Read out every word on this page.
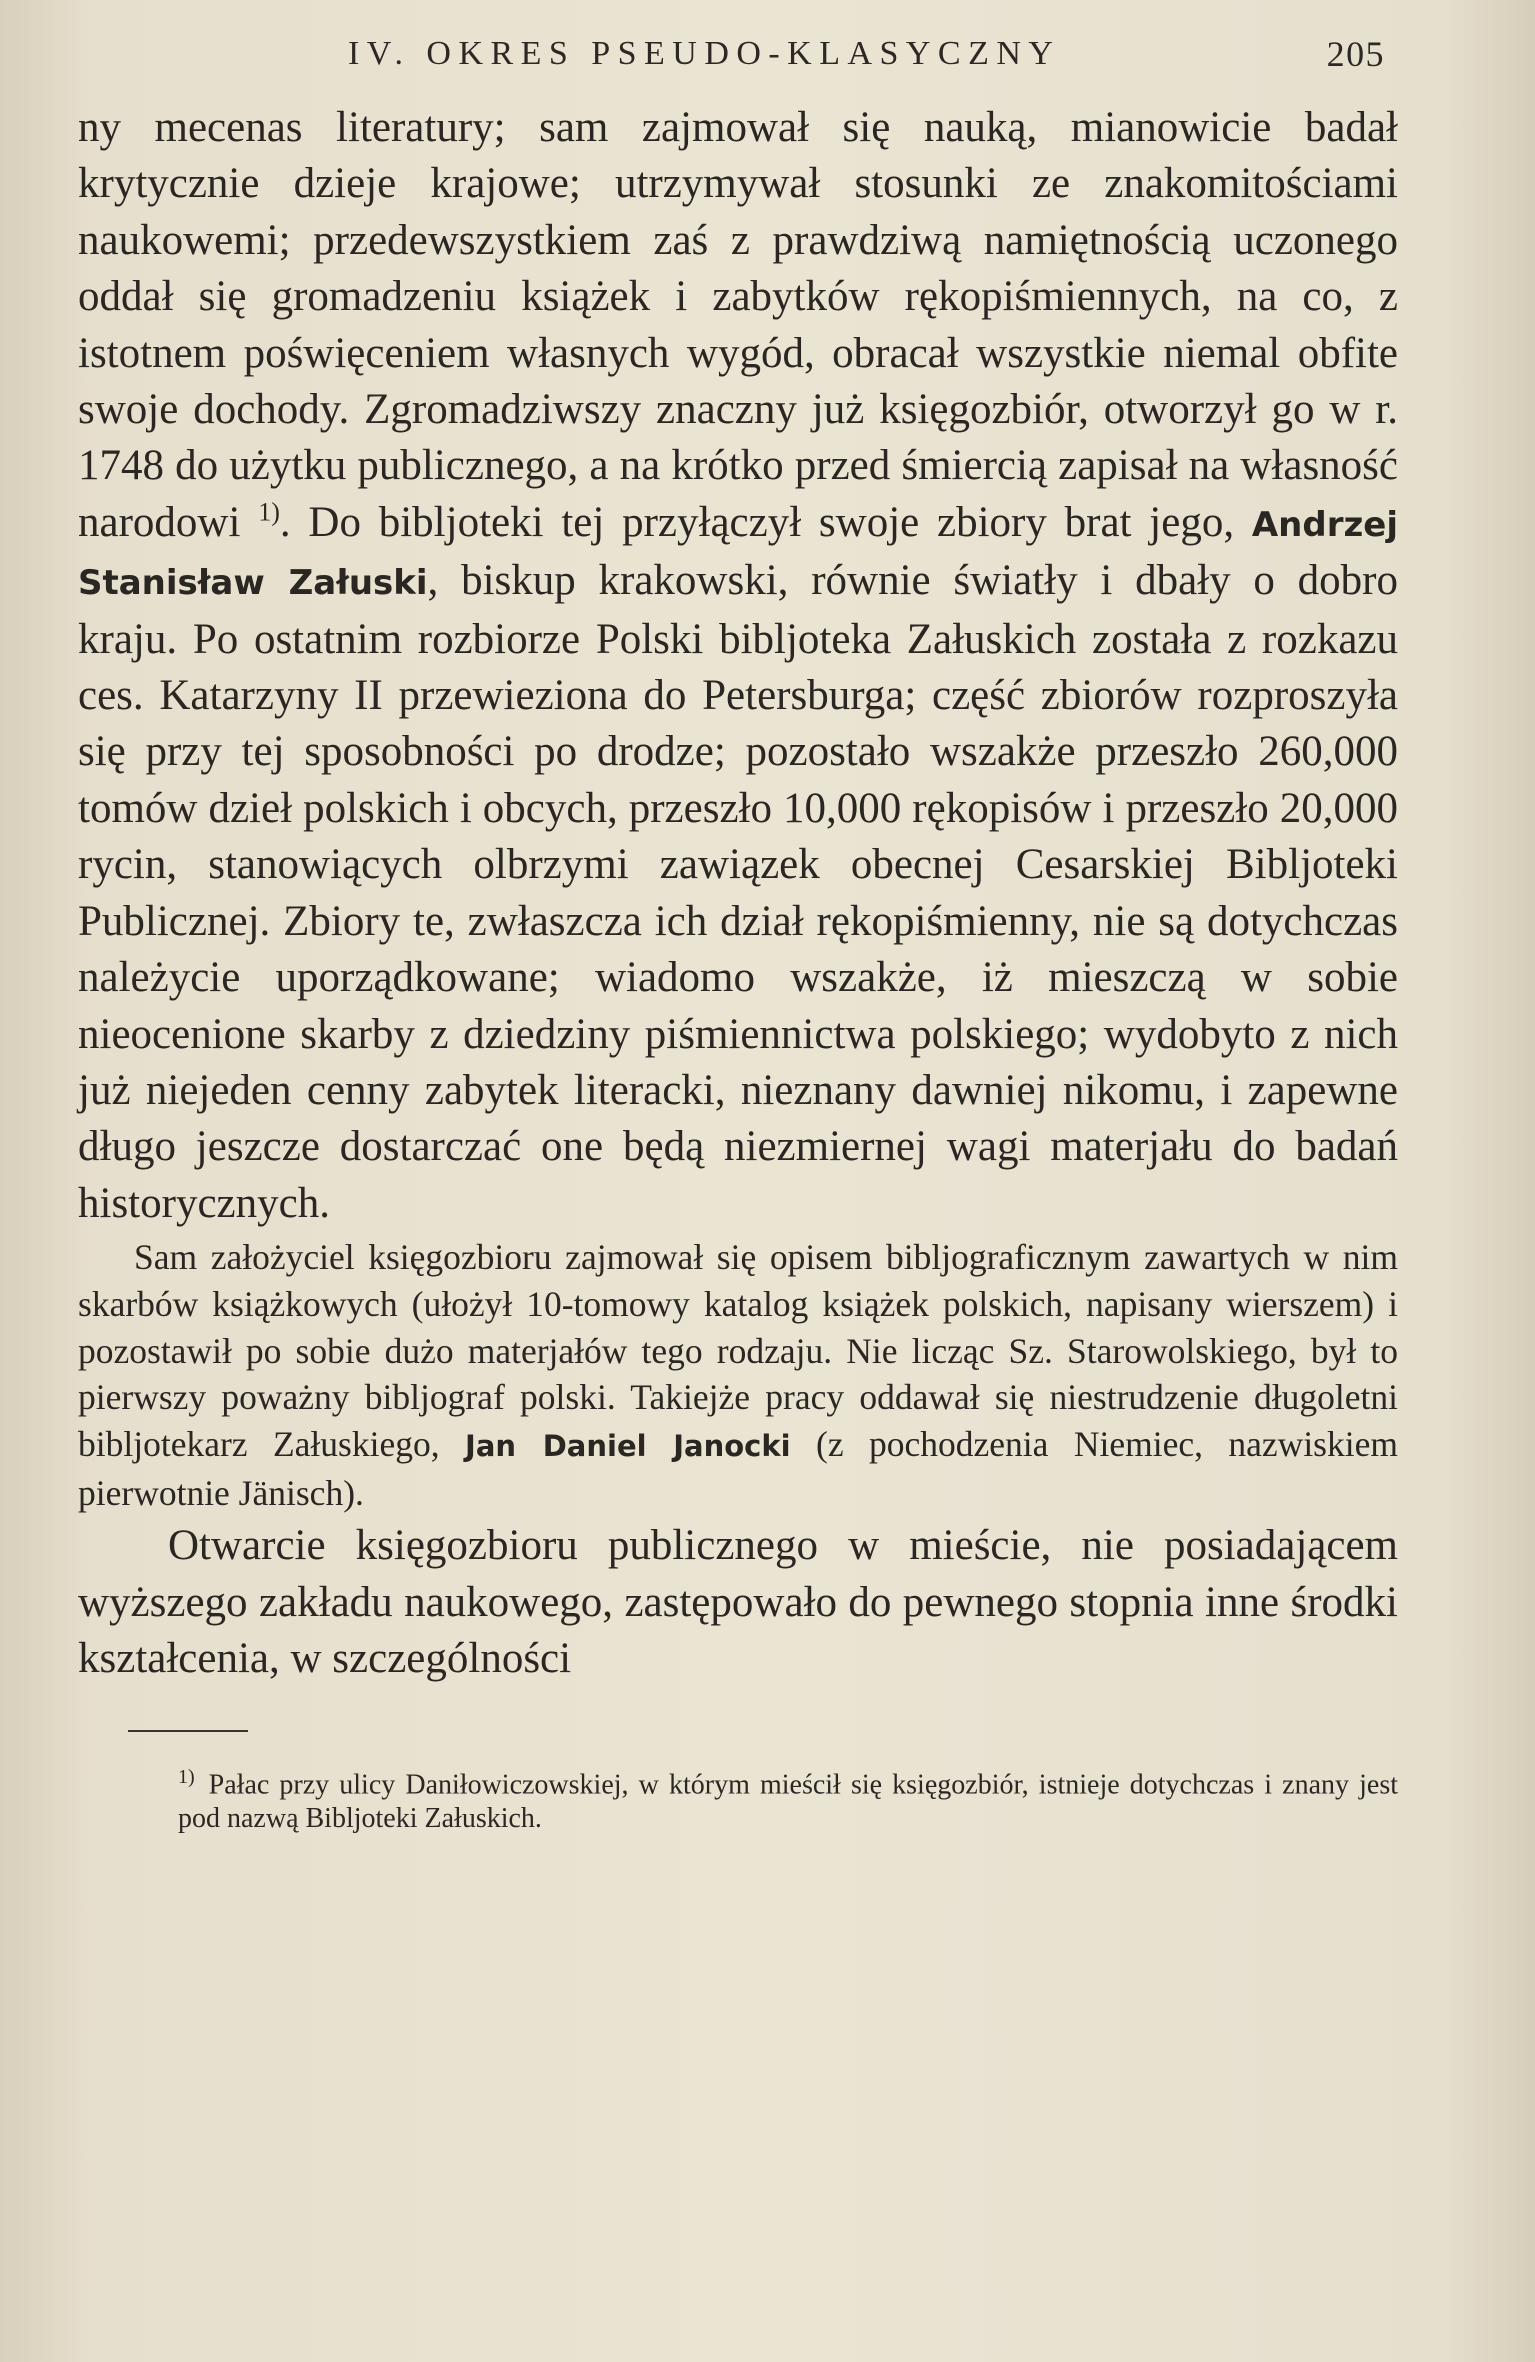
IV. OKRES PSEUDO-KLASYCZNY	205

ny mecenas literatury; sam zajmował się nauką, mianowicie badał krytycznie dzieje krajowe; utrzymywał stosunki ze znakomitościami naukowemi; przedewszystkiem zaś z prawdziwą namiętnością uczonego oddał się gromadzeniu książek i zabytków rękopiśmiennych, na co, z istotnem poświęceniem własnych wygód, obracał wszystkie niemal obfite swoje dochody. Zgromadziwszy znaczny już księgozbiór, otworzył go w r. 1748 do użytku publicznego, a na krótko przed śmiercią zapisał na własność narodowi $^{1)}$. Do bibljoteki tej przyłączył swoje zbiory brat jego, Andrzej Stanisław Załuski, biskup krakowski, równie światły i dbały o dobro kraju. Po ostatnim rozbiorze Polski bibljoteka Załuskich została z rozkazu ces. Katarzyny II przewieziona do Petersburga; część zbiorów rozproszyła się przy tej sposobności po drodze; pozostało wszakże przeszło 260,000 tomów dzieł polskich i obcych, przeszło 10,000 rękopisów i przeszło 20,000 rycin, stanowiących olbrzymi zawiązek obecnej Cesarskiej Bibljoteki Publicznej. Zbiory te, zwłaszcza ich dział rękopiśmienny, nie są dotychczas należycie uporządkowane; wiadomo wszakże, iż mieszczą w sobie nieocenione skarby z dziedziny piśmiennictwa polskiego; wydobyto z nich już niejeden cenny zabytek literacki, nieznany dawniej nikomu, i zapewne długo jeszcze dostarczać one będą niezmiernej wagi materjału do badań historycznych.

Sam założyciel księgozbioru zajmował się opisem bibljograficznym zawartych w nim skarbów książkowych (ułożył 10-tomowy katalog książek polskich, napisany wierszem) i pozostawił po sobie dużo materjałów tego rodzaju. Nie licząc Sz. Starowolskiego, był to pierwszy poważny bibljograf polski. Takiejże pracy oddawał się niestrudzenie długoletni bibljotekarz Załuskiego, Jan Daniel Janocki (z pochodzenia Niemiec, nazwiskiem pierwotnie Jänisch).

Otwarcie księgozbioru publicznego w mieście, nie posiadającem wyższego zakładu naukowego, zastępowało do pewnego stopnia inne środki kształcenia, w szczególności

$^{1)}$ Pałac przy ulicy Daniłowiczowskiej, w którym mieścił się księgozbiór, istnieje dotychczas i znany jest pod nazwą Bibljoteki Załuskich.
